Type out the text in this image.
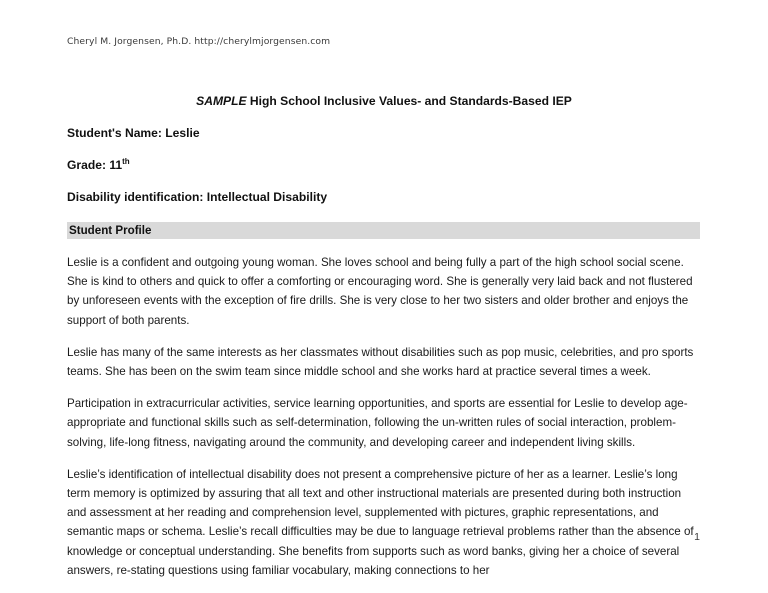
Cheryl M. Jorgensen, Ph.D. http://cherylmjorgensen.com
SAMPLE High School Inclusive Values- and Standards-Based IEP
Student's Name: Leslie
Grade: 11th
Disability identification: Intellectual Disability
Student Profile

Leslie is a confident and outgoing young woman. She loves school and being fully a part of the high school social scene. She is kind to others and quick to offer a comforting or encouraging word. She is generally very laid back and not flustered by unforeseen events with the exception of fire drills. She is very close to her two sisters and older brother and enjoys the support of both parents.

Leslie has many of the same interests as her classmates without disabilities such as pop music, celebrities, and pro sports teams. She has been on the swim team since middle school and she works hard at practice several times a week.

Participation in extracurricular activities, service learning opportunities, and sports are essential for Leslie to develop age-appropriate and functional skills such as self-determination, following the un-written rules of social interaction, problem-solving, life-long fitness, navigating around the community, and developing career and independent living skills.

Leslie’s identification of intellectual disability does not present a comprehensive picture of her as a learner. Leslie’s long term memory is optimized by assuring that all text and other instructional materials are presented during both instruction and assessment at her reading and comprehension level, supplemented with pictures, graphic representations, and semantic maps or schema. Leslie’s recall difficulties may be due to language retrieval problems rather than the absence of knowledge or conceptual understanding. She benefits from supports such as word banks, giving her a choice of several answers, re-stating questions using familiar vocabulary, making connections to her

1
